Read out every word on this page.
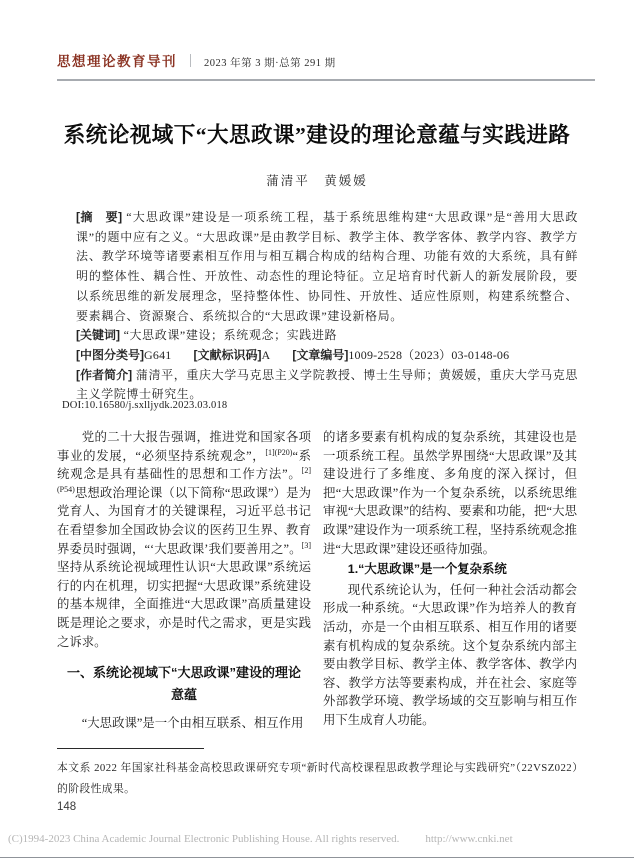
思想理论教育导刊	2023 年第 3 期·总第 291 期
系统论视域下“大思政课”建设的理论意蕴与实践进路
蒲清平　黄媛媛

[摘　要] “大思政课”建设是一项系统工程，基于系统思维构建“大思政课”是“善用大思政课”的题中应有之义。“大思政课”是由教学目标、教学主体、教学客体、教学内容、教学方法、教学环境等诸要素相互作用与相互耦合构成的结构合理、功能有效的大系统，具有鲜明的整体性、耦合性、开放性、动态性的理论特征。立足培育时代新人的新发展阶段，要以系统思维的新发展理念，坚持整体性、协同性、开放性、适应性原则，构建系统整合、要素耦合、资源聚合、系统拟合的“大思政课”建设新格局。

[关键词] “大思政课”建设；系统观念；实践进路

[中图分类号]G641 [文献标识码]A [文章编号]1009-2528（2023）03-0148-06

[作者简介] 蒲清平，重庆大学马克思主义学院教授、博士生导师；黄媛媛，重庆大学马克思主义学院博士研究生。

DOI:10.16580/j.sxlljydk.2023.03.018

党的二十大报告强调，推进党和国家各项事业的发展，“必须坚持系统观念”，$^{[1](P20)}$“系统观念是具有基础性的思想和工作方法”。$^{[2](P54)}$思想政治理论课（以下简称“思政课”）是为党育人、为国育才的关键课程，习近平总书记在看望参加全国政协会议的医药卫生界、教育界委员时强调，“‘大思政课’我们要善用之”。[3]坚持从系统论视域理性认识“大思政课”系统运行的内在机理，切实把握“大思政课”系统建设的基本规律，全面推进“大思政课”高质量建设既是理论之要求，亦是时代之需求，更是实践之诉求。

一、系统论视域下“大思政课”建设的理论意蕴

“大思政课”是一个由相互联系、相互作用

的诸多要素有机构成的复杂系统，其建设也是一项系统工程。虽然学界围绕“大思政课”及其建设进行了多维度、多角度的深入探讨，但把“大思政课”作为一个复杂系统，以系统思维审视“大思政课”的结构、要素和功能，把“大思政课”建设作为一项系统工程，坚持系统观念推进“大思政课”建设还亟待加强。

1.“大思政课”是一个复杂系统

现代系统论认为，任何一种社会活动都会形成一种系统。“大思政课”作为培养人的教育活动，亦是一个由相互联系、相互作用的诸要素有机构成的复杂系统。这个复杂系统内部主要由教学目标、教学主体、教学客体、教学内容、教学方法等要素构成，并在社会、家庭等外部教学环境、教学场域的交互影响与相互作用下生成育人功能。

本文系 2022 年国家社科基金高校思政课研究专项“新时代高校课程思政教学理论与实践研究”（22VSZ022）的阶段性成果。

148
(C)1994-2023 China Academic Journal Electronic Publishing House. All rights reserved. http://www.cnki.net
